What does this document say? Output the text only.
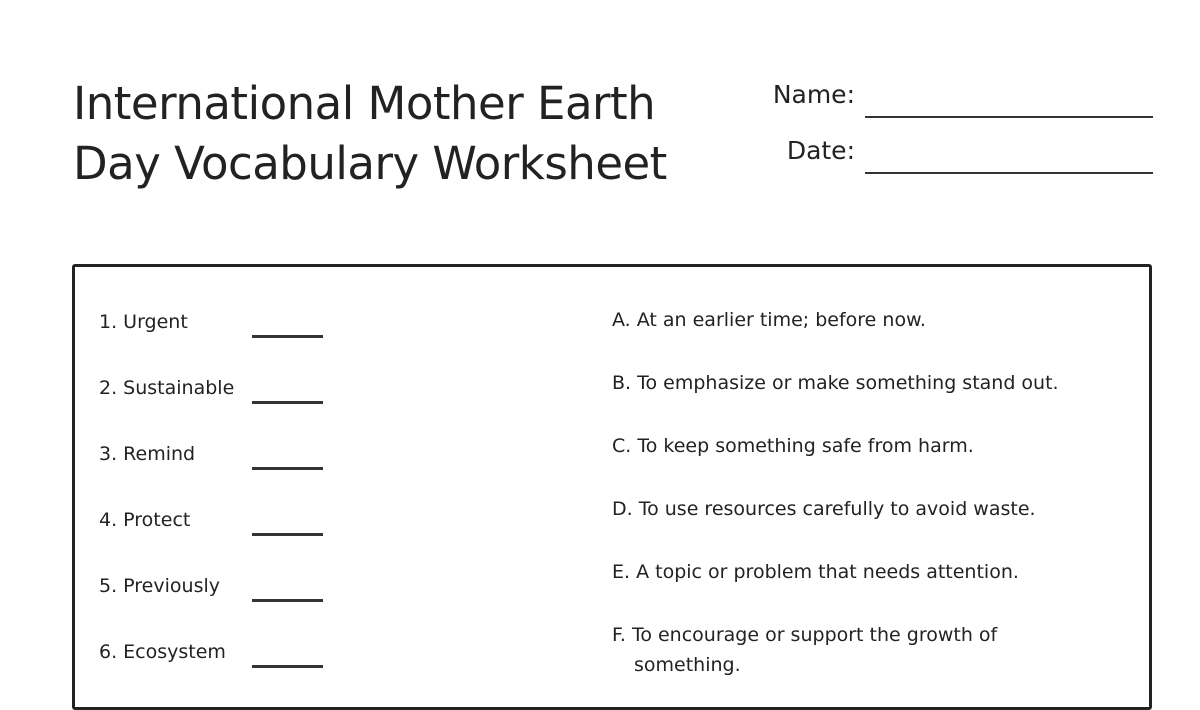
International Mother Earth
Day Vocabulary Worksheet
Name:
Date:
1. Urgent
2. Sustainable
3. Remind
4. Protect
5. Previously
6. Ecosystem
A. At an earlier time; before now.
B. To emphasize or make something stand out.
C. To keep something safe from harm.
D. To use resources carefully to avoid waste.
E. A topic or problem that needs attention.
F. To encourage or support the growth of something.
